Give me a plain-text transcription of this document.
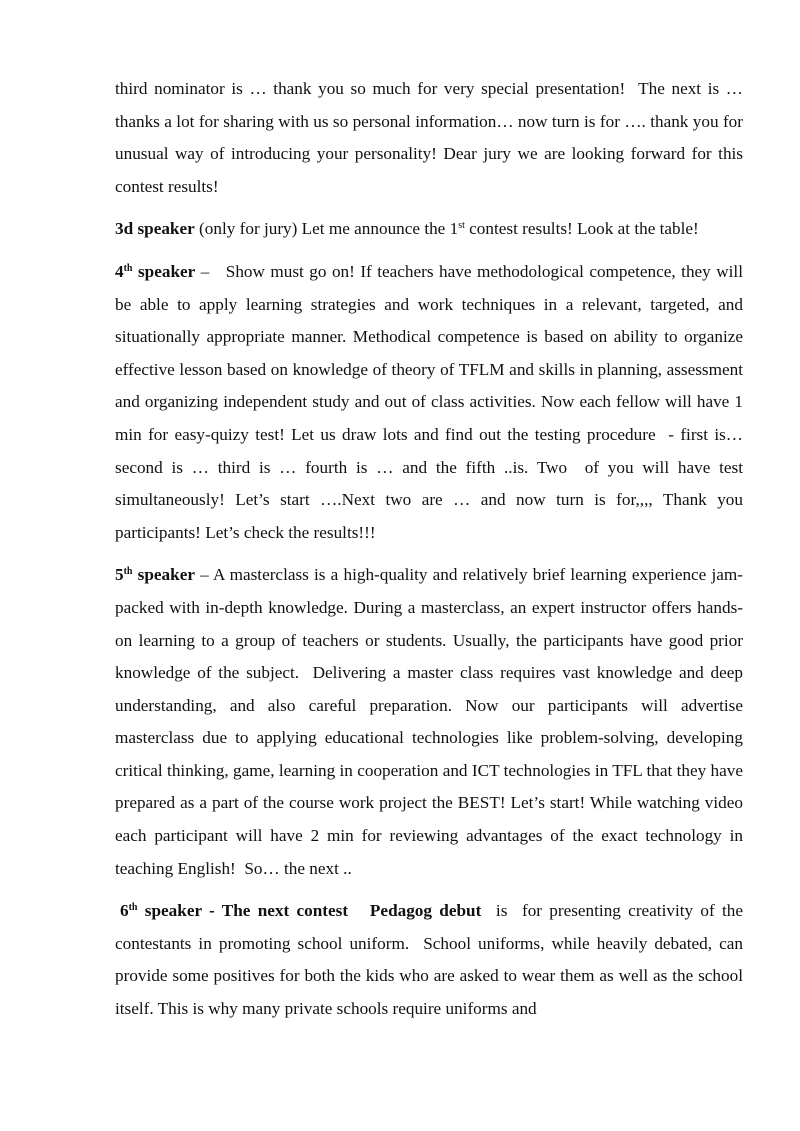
third nominator is … thank you so much for very special presentation!  The next is … thanks a lot for sharing with us so personal information… now turn is for …. thank you for unusual way of introducing your personality! Dear jury we are looking forward for this contest results!

3d speaker (only for jury) Let me announce the 1st contest results! Look at the table!

4th speaker –   Show must go on! If teachers have methodological competence, they will be able to apply learning strategies and work techniques in a relevant, targeted, and situationally appropriate manner. Methodical competence is based on ability to organize effective lesson based on knowledge of theory of TFLM and skills in planning, assessment and organizing independent study and out of class activities. Now each fellow will have 1 min for easy-quizy test! Let us draw lots and find out the testing procedure  - first is…  second is … third is … fourth is … and the fifth ..is. Two  of you will have test simultaneously! Let’s start ….Next two are … and now turn is for,,,, Thank you participants! Let’s check the results!!!

5th speaker – A masterclass is a high-quality and relatively brief learning experience jam-packed with in-depth knowledge. During a masterclass, an expert instructor offers hands-on learning to a group of teachers or students. Usually, the participants have good prior knowledge of the subject.  Delivering a master class requires vast knowledge and deep understanding, and also careful preparation. Now our participants will advertise masterclass due to applying educational technologies like problem-solving, developing critical thinking, game, learning in cooperation and ICT technologies in TFL that they have prepared as a part of the course work project the BEST! Let’s start! While watching video each participant will have 2 min for reviewing advantages of the exact technology in teaching English!  So… the next ..

6th speaker - The next contest   Pedagog debut  is  for presenting creativity of the  contestants in promoting school uniform.  School uniforms, while heavily debated, can provide some positives for both the kids who are asked to wear them as well as the school itself. This is why many private schools require uniforms and
